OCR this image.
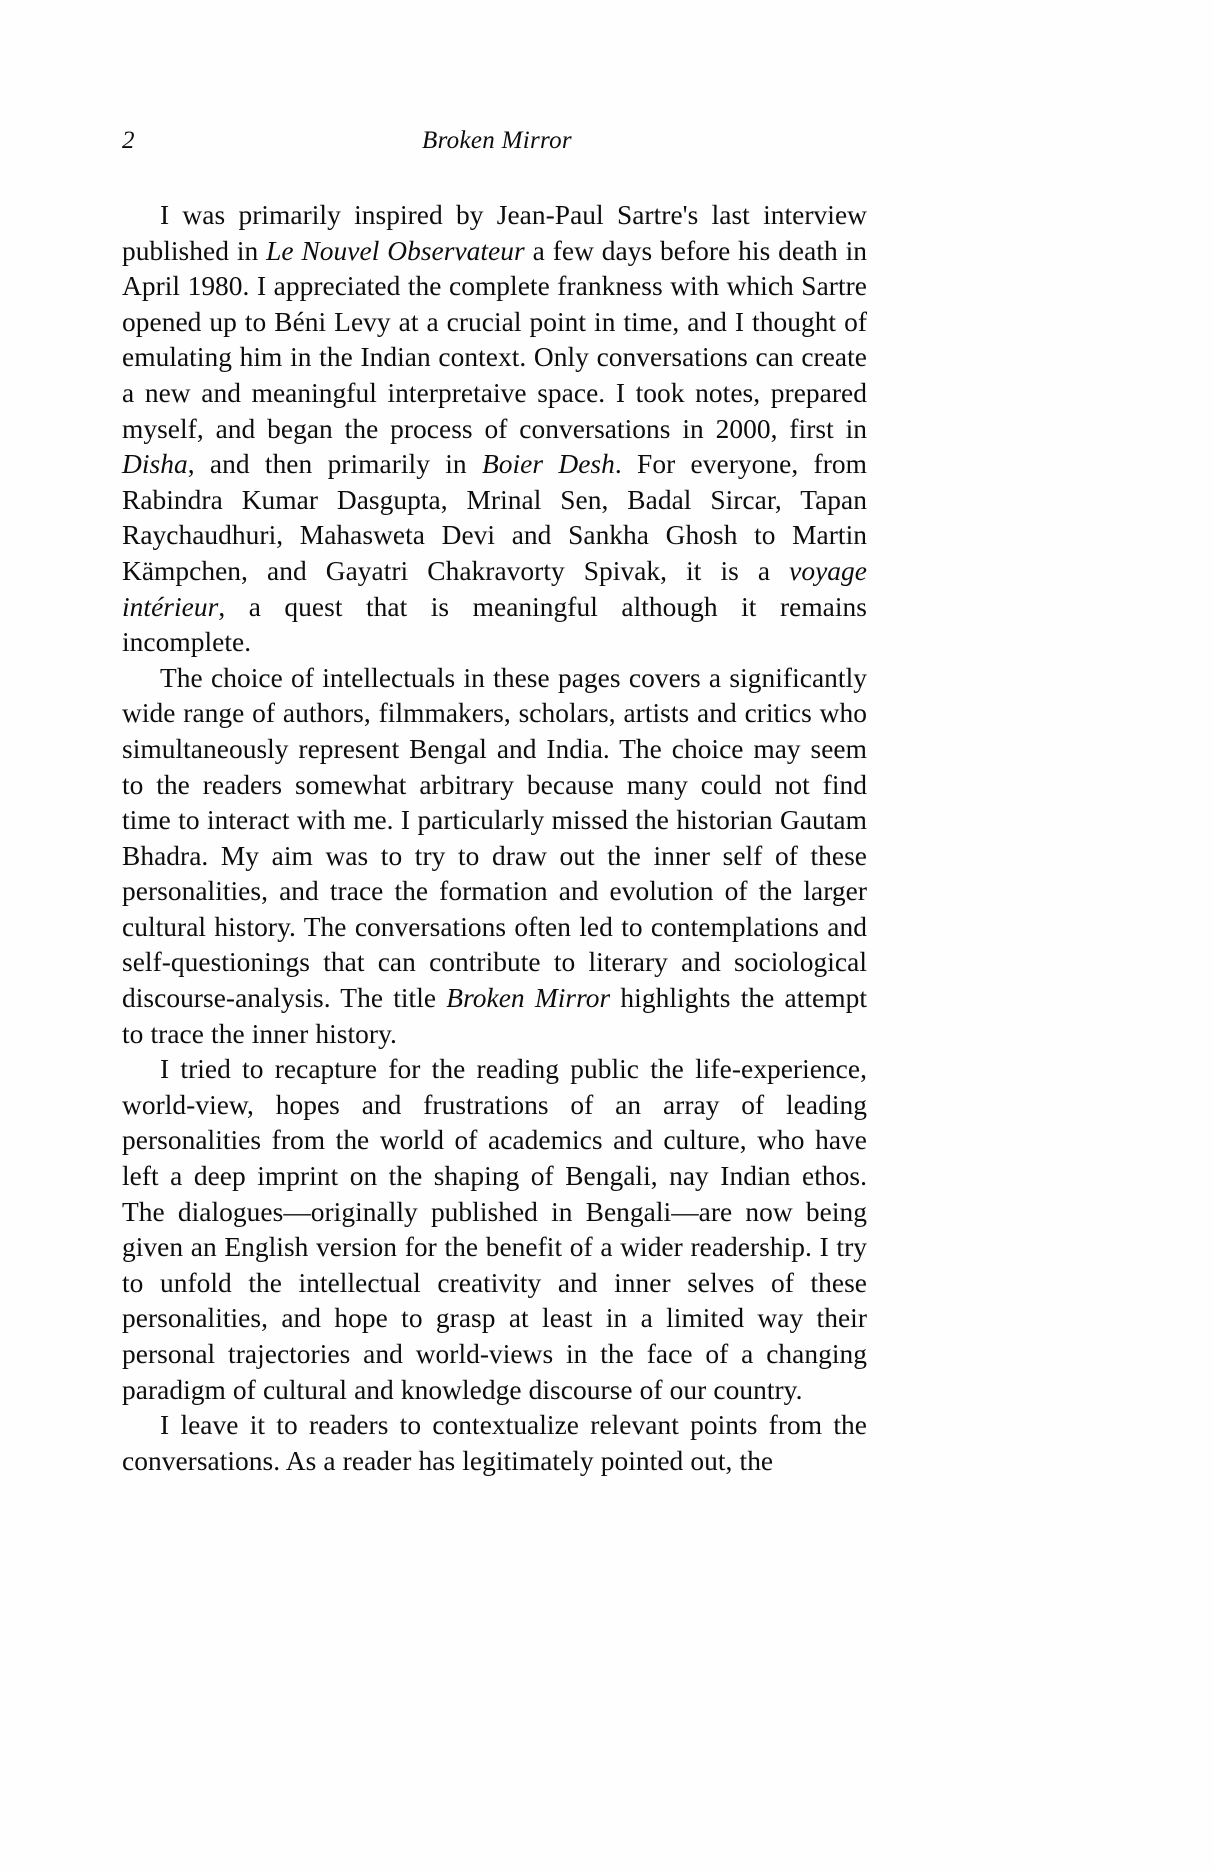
2	Broken Mirror

I was primarily inspired by Jean-Paul Sartre's last interview published in Le Nouvel Observateur a few days before his death in April 1980. I appreciated the complete frankness with which Sartre opened up to Béni Levy at a crucial point in time, and I thought of emulating him in the Indian context. Only conversations can create a new and meaningful interpretaive space. I took notes, prepared myself, and began the process of conversations in 2000, first in Disha, and then primarily in Boier Desh. For everyone, from Rabindra Kumar Dasgupta, Mrinal Sen, Badal Sircar, Tapan Raychaudhuri, Mahasweta Devi and Sankha Ghosh to Martin Kämpchen, and Gayatri Chakravorty Spivak, it is a voyage intérieur, a quest that is meaningful although it remains incomplete.

The choice of intellectuals in these pages covers a significantly wide range of authors, filmmakers, scholars, artists and critics who simultaneously represent Bengal and India. The choice may seem to the readers somewhat arbitrary because many could not find time to interact with me. I particularly missed the historian Gautam Bhadra. My aim was to try to draw out the inner self of these personalities, and trace the formation and evolution of the larger cultural history. The conversations often led to contemplations and self-questionings that can contribute to literary and sociological discourse-analysis. The title Broken Mirror highlights the attempt to trace the inner history.

I tried to recapture for the reading public the life-experience, world-view, hopes and frustrations of an array of leading personalities from the world of academics and culture, who have left a deep imprint on the shaping of Bengali, nay Indian ethos. The dialogues—originally published in Bengali—are now being given an English version for the benefit of a wider readership. I try to unfold the intellectual creativity and inner selves of these personalities, and hope to grasp at least in a limited way their personal trajectories and world-views in the face of a changing paradigm of cultural and knowledge discourse of our country.

I leave it to readers to contextualize relevant points from the conversations. As a reader has legitimately pointed out, the
